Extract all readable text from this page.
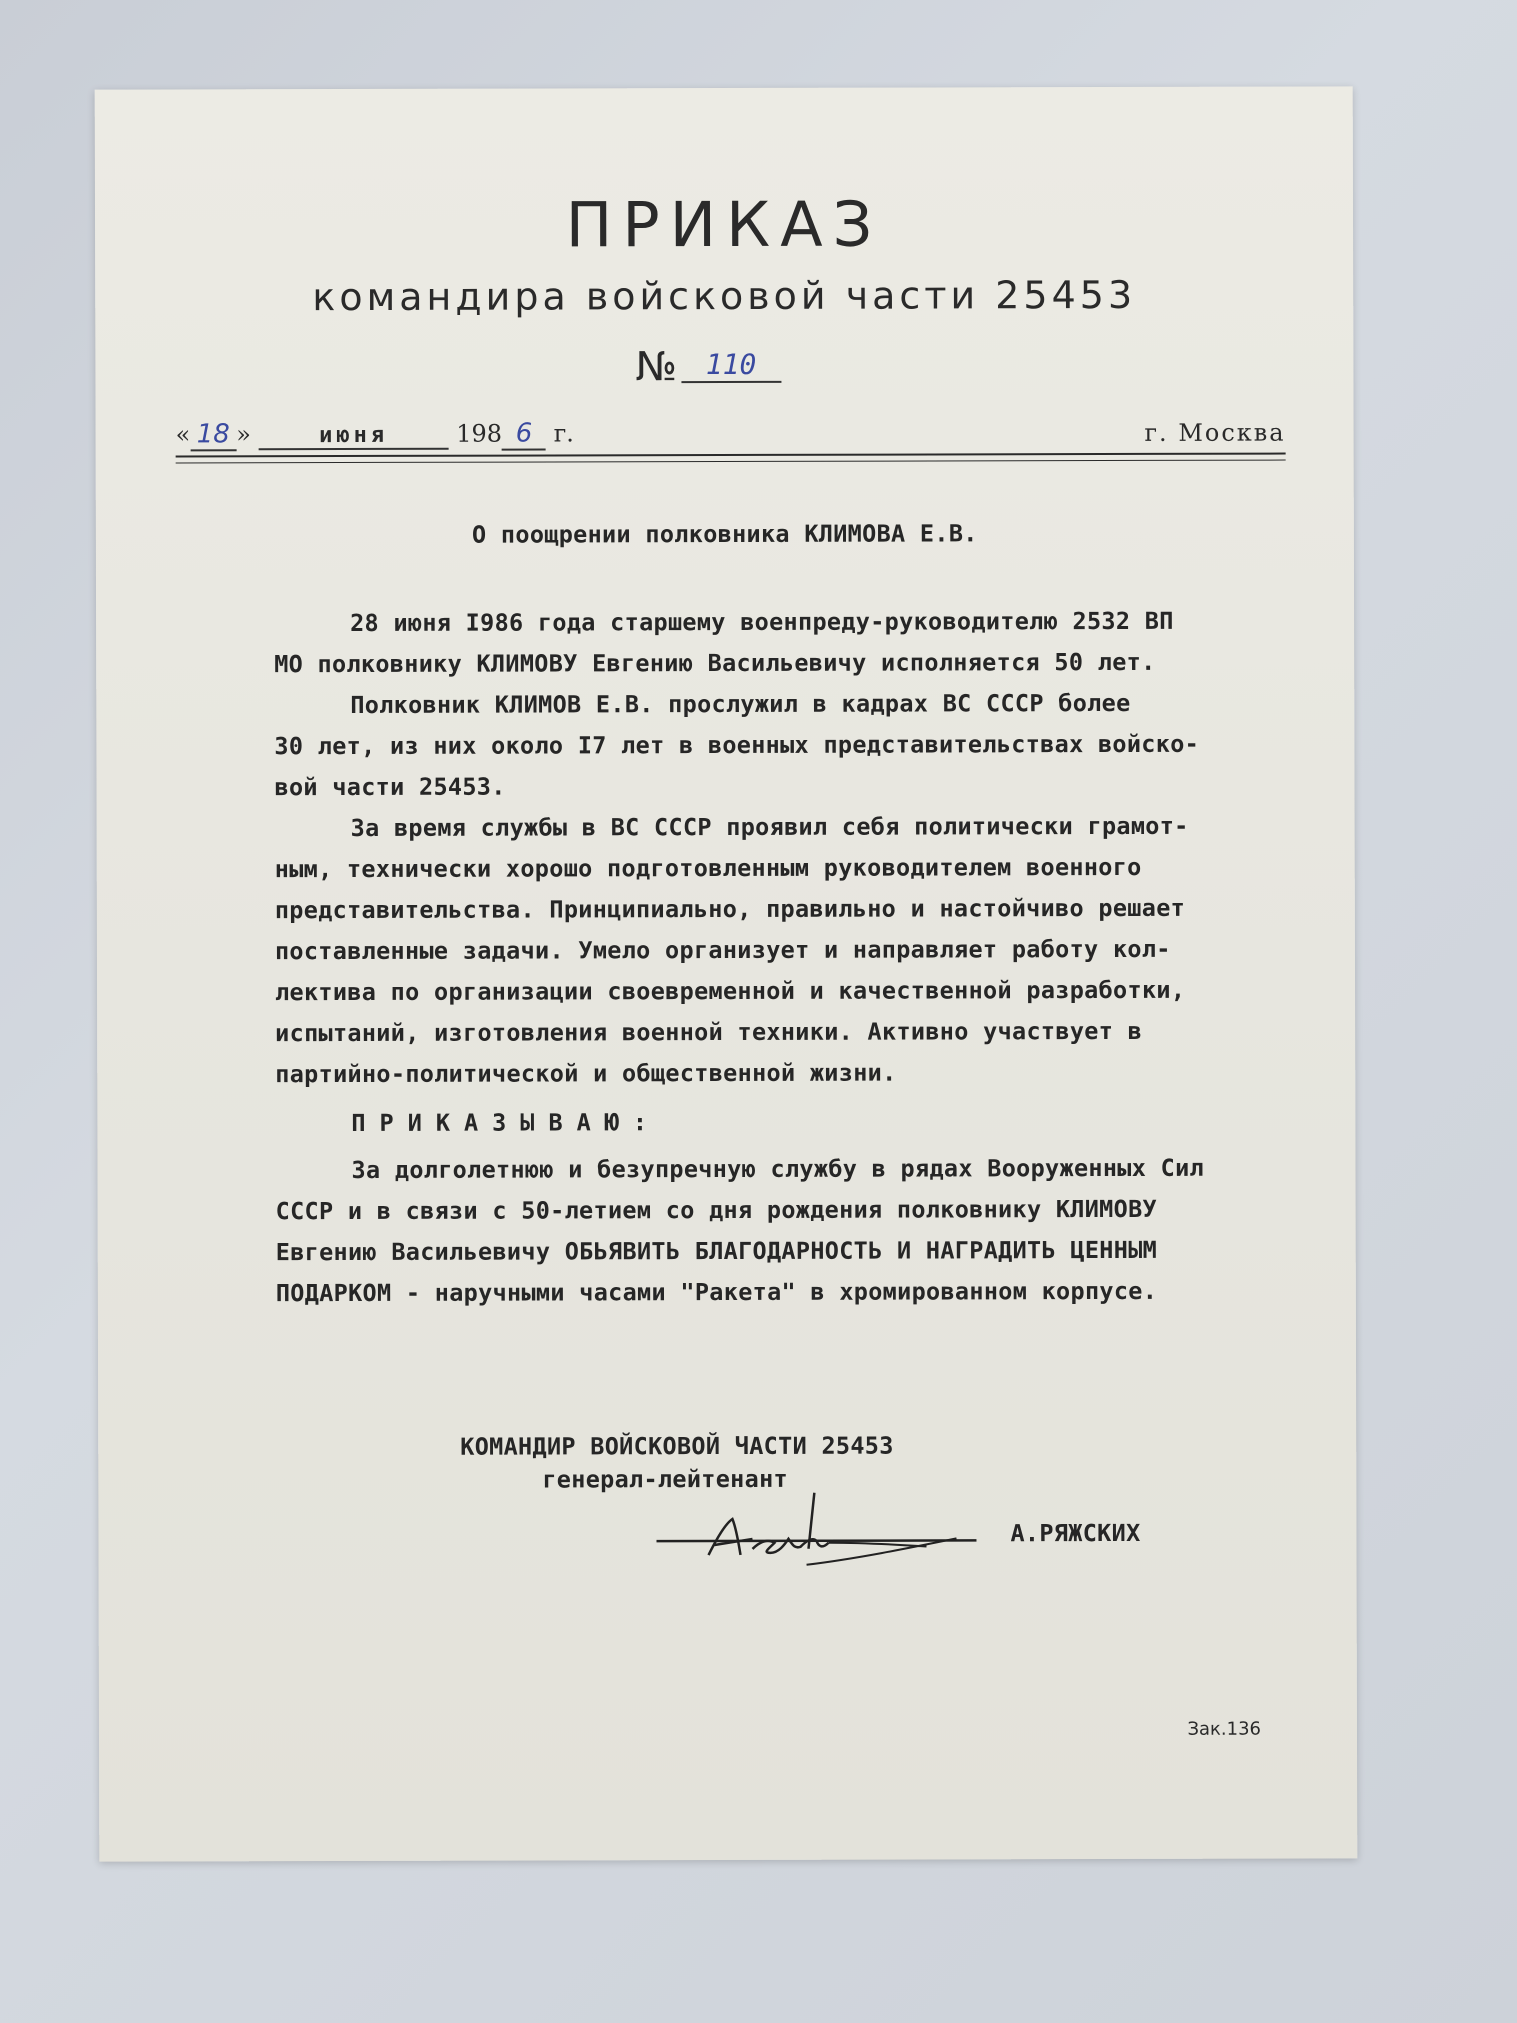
ПРИКАЗ
командира войсковой части 25453
№ 110
« 18 »	июня	198 6 г.	г. Москва
О поощрении полковника КЛИМОВА Е.В.

28 июня I986 года старшему военпреду-руководителю 2532 ВП
МО полковнику КЛИМОВУ Евгению Васильевичу исполняется 50 лет.

Полковник КЛИМОВ Е.В. прослужил в кадрах ВС СССР более
30 лет, из них около I7 лет в военных представительствах войско-
вой части 25453.

За время службы в ВС СССР проявил себя политически грамот-
ным, технически хорошо подготовленным руководителем военного
представительства. Принципиально, правильно и настойчиво решает
поставленные задачи. Умело организует и направляет работу кол-
лектива по организации своевременной и качественной разработки,
испытаний, изготовления военной техники. Активно участвует в
партийно-политической и общественной жизни.

ПРИКАЗЫВАЮ:

За долголетнюю и безупречную службу в рядах Вооруженных Сил
СССР и в связи с 50-летием со дня рождения полковнику КЛИМОВУ
Евгению Васильевичу ОБЬЯВИТЬ БЛАГОДАРНОСТЬ И НАГРАДИТЬ ЦЕННЫМ
ПОДАРКОМ - наручными часами "Ракета" в хромированном корпусе.

КОМАНДИР ВОЙСКОВОЙ ЧАСТИ 25453
генерал-лейтенант
А.РЯЖСКИХ
Зак.136
